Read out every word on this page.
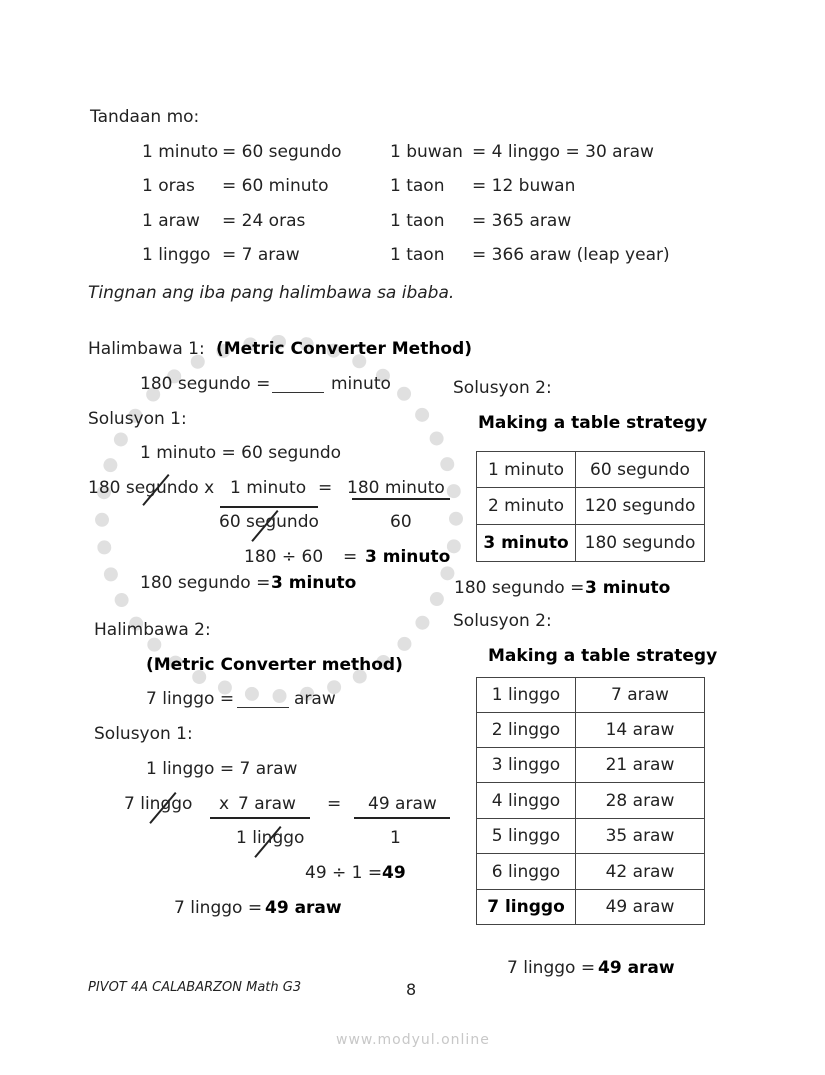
Tandaan mo:
1 minuto = 60 segundo
1 oras = 60 minuto
1 araw = 24 oras
1 linggo = 7 araw
1 buwan = 4 linggo = 30 araw
1 taon = 12 buwan
1 taon = 365 araw
1 taon = 366 araw (leap year)
Tingnan ang iba pang halimbawa sa ibaba.
Halimbawa 1: (Metric Converter Method)
180 segundo =	minuto
Solusyon 1:
1 minuto = 60 segundo
180 segundo x 1 minuto = 180 minuto
60 segundo	60
180 ÷ 60 = 3 minuto
180 segundo = 3 minuto
Solusyon 2:
Making a table strategy
1 minuto	60 segundo
2 minuto	120 segundo
3 minuto	180 segundo
180 segundo = 3 minuto
Halimbawa 2:
(Metric Converter method)
7 linggo =	araw
Solusyon 1:
1 linggo = 7 araw
7 linggo x 7 araw = 49 araw
1 linggo	1
49 ÷ 1 = 49
7 linggo = 49 araw
Solusyon 2:
Making a table strategy
1 linggo	7 araw
2 linggo	14 araw
3 linggo	21 araw
4 linggo	28 araw
5 linggo	35 araw
6 linggo	42 araw
7 linggo	49 araw
7 linggo = 49 araw
PIVOT 4A CALABARZON Math G3	8
www.modyul.online
